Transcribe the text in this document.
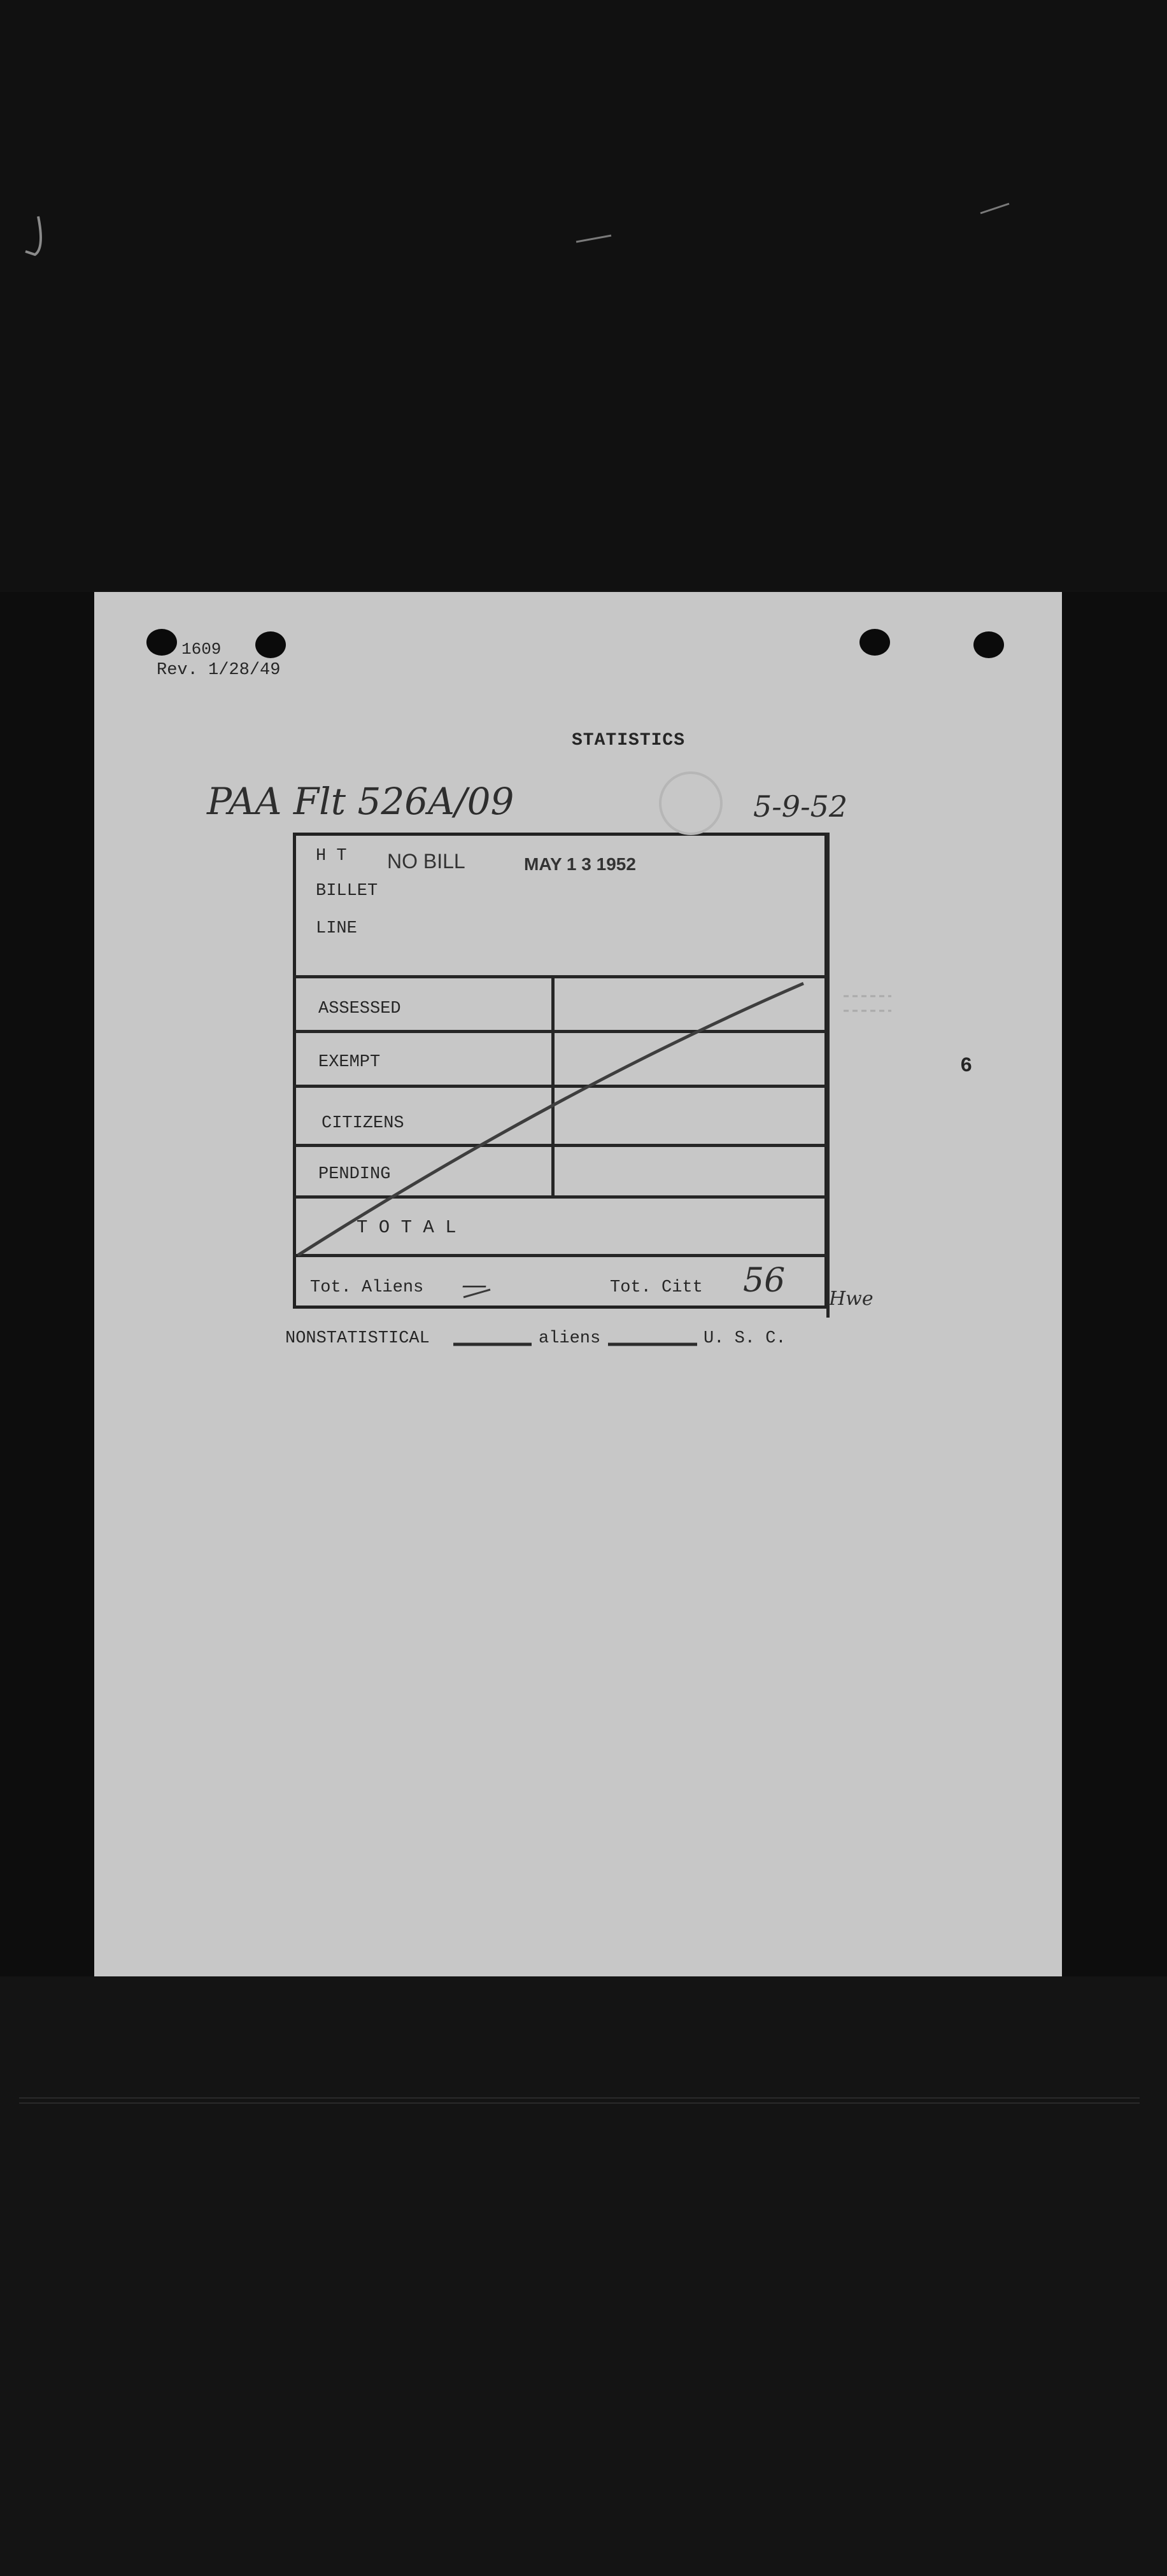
1609
Rev. 1/28/49
STATISTICS
PAA Flt 526A/09	5-9-52
H T NO BILL	MAY 1 3 1952
BILLET
LINE
ASSESSED
EXEMPT
CITIZENS
PENDING
T O T A L
Tot. Aliens —	Tot. Citt 56
6
Hwe
NONSTATISTICAL	aliens	U. S. C.
